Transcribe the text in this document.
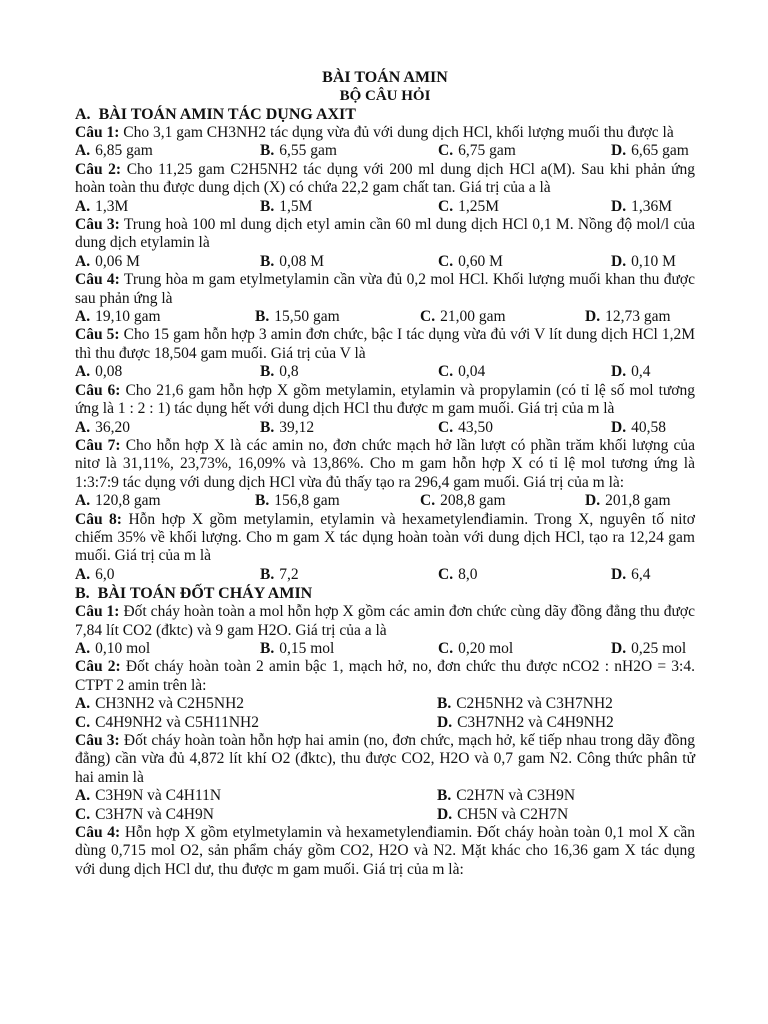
BÀI TOÁN AMIN
BỘ CÂU HỎI
A. BÀI TOÁN AMIN TÁC DỤNG AXIT
Câu 1: Cho 3,1 gam CH3NH2 tác dụng vừa đủ với dung dịch HCl, khối lượng muối thu được là
A. 6,85 gam	B. 6,55 gam	C. 6,75 gam	D. 6,65 gam
Câu 2: Cho 11,25 gam C2H5NH2 tác dụng với 200 ml dung dịch HCl a(M). Sau khi phản ứng hoàn toàn thu được dung dịch (X) có chứa 22,2 gam chất tan. Giá trị của a là
A. 1,3M	B. 1,5M	C. 1,25M	D. 1,36M
Câu 3: Trung hoà 100 ml dung dịch etyl amin cần 60 ml dung dịch HCl 0,1 M. Nồng độ mol/l của dung dịch etylamin là
A. 0,06 M	B. 0,08 M	C. 0,60 M	D. 0,10 M
Câu 4: Trung hòa m gam etylmetylamin cần vừa đủ 0,2 mol HCl. Khối lượng muối khan thu được sau phản ứng là
A. 19,10 gam	B. 15,50 gam	C. 21,00 gam	D. 12,73 gam
Câu 5: Cho 15 gam hỗn hợp 3 amin đơn chức, bậc I tác dụng vừa đủ với V lít dung dịch HCl 1,2M thì thu được 18,504 gam muối. Giá trị của V là
A. 0,08	B. 0,8	C. 0,04	D. 0,4
Câu 6: Cho 21,6 gam hỗn hợp X gồm metylamin, etylamin và propylamin (có tỉ lệ số mol tương ứng là 1 : 2 : 1) tác dụng hết với dung dịch HCl thu được m gam muối. Giá trị của m là
A. 36,20	B. 39,12	C. 43,50	D. 40,58
Câu 7: Cho hỗn hợp X là các amin no, đơn chức mạch hở lần lượt có phần trăm khối lượng của nitơ là 31,11%, 23,73%, 16,09% và 13,86%. Cho m gam hỗn hợp X có tỉ lệ mol tương ứng là 1:3:7:9 tác dụng với dung dịch HCl vừa đủ thấy tạo ra 296,4 gam muối. Giá trị của m là:
A. 120,8 gam	B. 156,8 gam	C. 208,8 gam	D. 201,8 gam
Câu 8: Hỗn hợp X gồm metylamin, etylamin và hexametylenđiamin. Trong X, nguyên tố nitơ chiếm 35% về khối lượng. Cho m gam X tác dụng hoàn toàn với dung dịch HCl, tạo ra 12,24 gam muối. Giá trị của m là
A. 6,0	B. 7,2	C. 8,0	D. 6,4
B. BÀI TOÁN ĐỐT CHÁY AMIN
Câu 1: Đốt cháy hoàn toàn a mol hỗn hợp X gồm các amin đơn chức cùng dãy đồng đẳng thu được 7,84 lít CO2 (đktc) và 9 gam H2O. Giá trị của a là
A. 0,10 mol	B. 0,15 mol	C. 0,20 mol	D. 0,25 mol
Câu 2: Đốt cháy hoàn toàn 2 amin bậc 1, mạch hở, no, đơn chức thu được nCO2 : nH2O = 3:4. CTPT 2 amin trên là:
A. CH3NH2 và C2H5NH2	B. C2H5NH2 và C3H7NH2
C. C4H9NH2 và C5H11NH2	D. C3H7NH2 và C4H9NH2
Câu 3: Đốt cháy hoàn toàn hỗn hợp hai amin (no, đơn chức, mạch hở, kế tiếp nhau trong dãy đồng đẳng) cần vừa đủ 4,872 lít khí O2 (đktc), thu được CO2, H2O và 0,7 gam N2. Công thức phân tử hai amin là
A. C3H9N và C4H11N	B. C2H7N và C3H9N
C. C3H7N và C4H9N	D. CH5N và C2H7N
Câu 4: Hỗn hợp X gồm etylmetylamin và hexametylenđiamin. Đốt cháy hoàn toàn 0,1 mol X cần dùng 0,715 mol O2, sản phẩm cháy gồm CO2, H2O và N2. Mặt khác cho 16,36 gam X tác dụng với dung dịch HCl dư, thu được m gam muối. Giá trị của m là:
